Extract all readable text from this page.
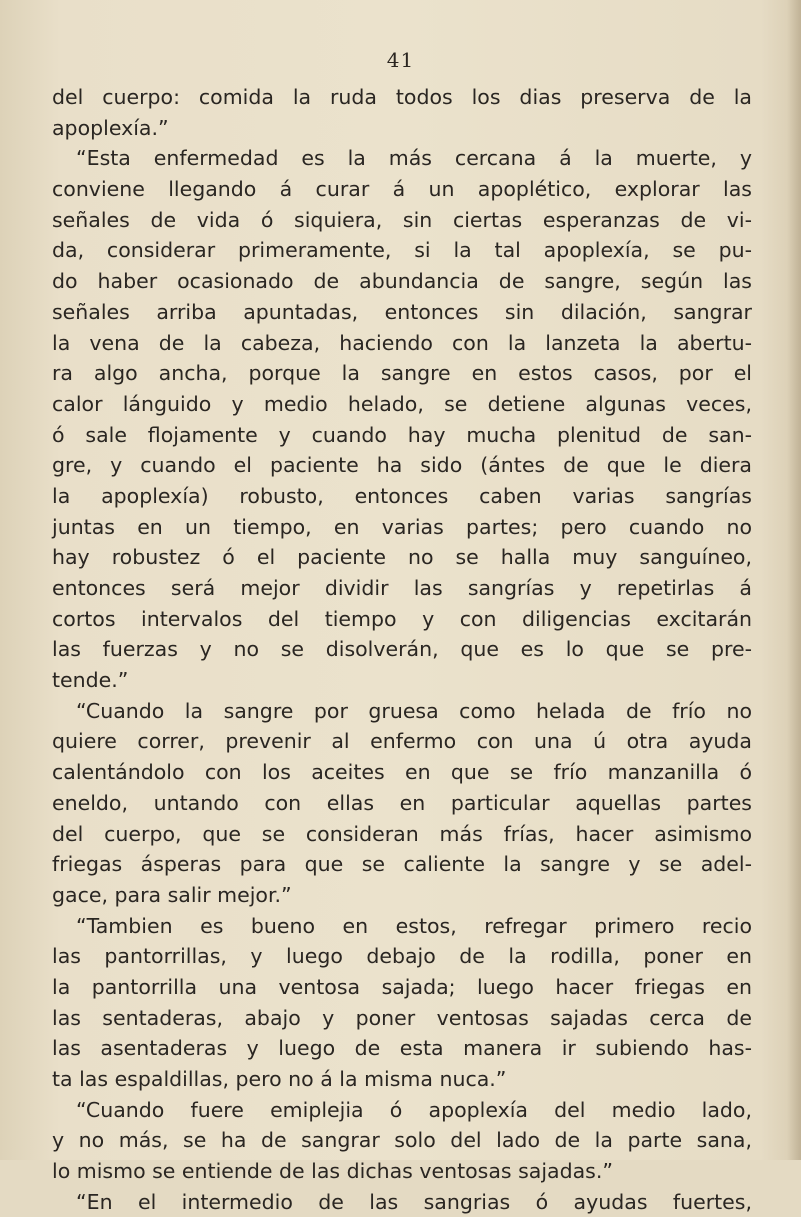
41
del cuerpo: comida la ruda todos los dias preserva de la
apoplexía.”
“Esta enfermedad es la más cercana á la muerte, y
conviene llegando á curar á un apoplético, explorar las
señales de vida ó siquiera, sin ciertas esperanzas de vi-
da, considerar primeramente, si la tal apoplexía, se pu-
do haber ocasionado de abundancia de sangre, según las
señales arriba apuntadas, entonces sin dilación, sangrar
la vena de la cabeza, haciendo con la lanzeta la abertu-
ra algo ancha, porque la sangre en estos casos, por el
calor lánguido y medio helado, se detiene algunas veces,
ó sale flojamente y cuando hay mucha plenitud de san-
gre, y cuando el paciente ha sido (ántes de que le diera
la apoplexía) robusto, entonces caben varias sangrías
juntas en un tiempo, en varias partes; pero cuando no
hay robustez ó el paciente no se halla muy sanguíneo,
entonces será mejor dividir las sangrías y repetirlas á
cortos intervalos del tiempo y con diligencias excitarán
las fuerzas y no se disolverán, que es lo que se pre-
tende.”
“Cuando la sangre por gruesa como helada de frío no
quiere correr, prevenir al enfermo con una ú otra ayuda
calentándolo con los aceites en que se frío manzanilla ó
eneldo, untando con ellas en particular aquellas partes
del cuerpo, que se consideran más frías, hacer asimismo
friegas ásperas para que se caliente la sangre y se adel-
gace, para salir mejor.”
“Tambien es bueno en estos, refregar primero recio
las pantorrillas, y luego debajo de la rodilla, poner en
la pantorrilla una ventosa sajada; luego hacer friegas en
las sentaderas, abajo y poner ventosas sajadas cerca de
las asentaderas y luego de esta manera ir subiendo has-
ta las espaldillas, pero no á la misma nuca.”
“Cuando fuere emiplejia ó apoplexía del medio lado,
y no más, se ha de sangrar solo del lado de la parte sana,
lo mismo se entiende de las dichas ventosas sajadas.”
“En el intermedio de las sangrias ó ayudas fuertes,
